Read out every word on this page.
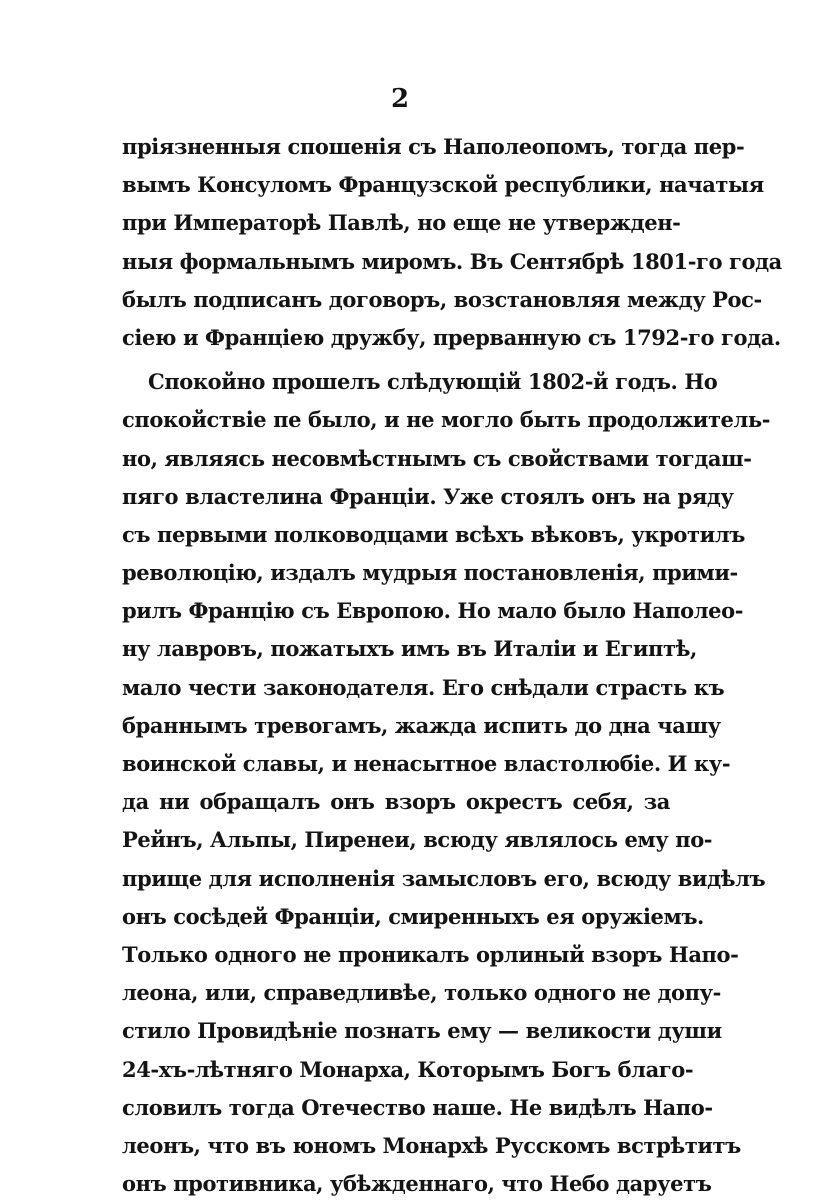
2
пріязненныя спошенія съ Наполеопомъ, тогда пер-
вымъ Консуломъ Французской республики, начатыя
при Императорѣ Павлѣ, но еще не утвержден-
ныя формальнымъ миромъ. Въ Сентябрѣ 1801-го года
былъ подписанъ договоръ, возстановляя между Рос-
сіею и Франціею дружбу, прерванную съ 1792-го года.
Спокойно прошелъ слѣдующій 1802-й годъ. Но
спокойствіе пе было, и не могло быть продолжитель-
но, являясь несовмѣстнымъ съ свойствами тогдаш-
пяго властелина Франціи. Уже стоялъ онъ на ряду
съ первыми полководцами всѣхъ вѣковъ, укротилъ
революцію, издалъ мудрыя постановленія, прими-
рилъ Францію съ Европою. Но мало было Наполео-
ну лавровъ, пожатыхъ имъ въ Италіи и Египтѣ,
мало чести законодателя. Его снѣдали страсть къ
браннымъ тревогамъ, жажда испить до дна чашу
воинской славы, и ненасытное властолюбіе. И ку-
да ни обращалъ онъ взоръ окрестъ себя, за
Рейнъ, Альпы, Пиренеи, всюду являлось ему по-
прище для исполненія замысловъ его, всюду видѣлъ
онъ сосѣдей Франціи, смиренныхъ ея оружіемъ.
Только одного не проникалъ орлиный взоръ Напо-
леона, или, справедливѣе, только одного не допу-
стило Провидѣніе познать ему — великости души
24-хъ-лѣтняго Монарха, Которымъ Богъ благо-
словилъ тогда Отечество наше. Не видѣлъ Напо-
леонъ, что въ юномъ Монархѣ Русскомъ встрѣтитъ
онъ противника, убѣжденнаго, что Небо даруетъ
